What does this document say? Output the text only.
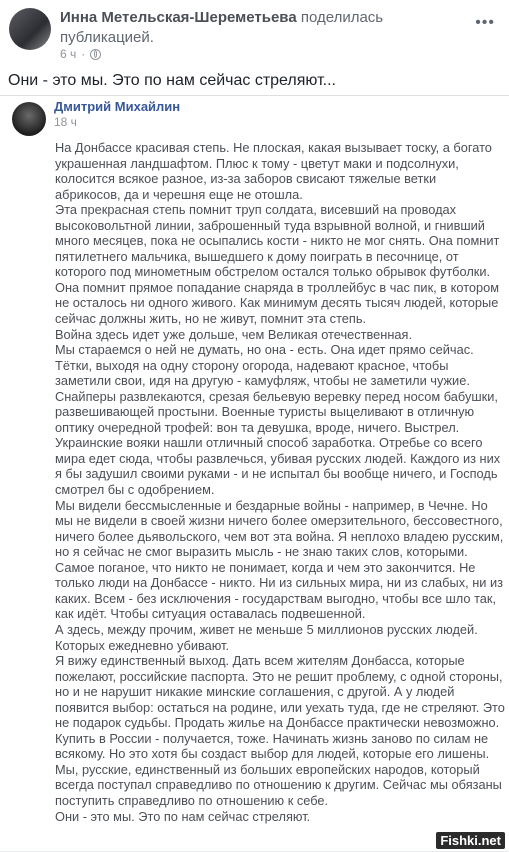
Инна Метельская-Шереметьева поделилась публикацией.
6 ч ·
•••
Они - это мы. Это по нам сейчас стреляют...
Дмитрий Михайлин
18 ч

На Донбассе красивая степь. Не плоская, какая вызывает тоску, а богато украшенная ландшафтом. Плюс к тому - цветут маки и подсолнухи, колосится всякое разное, из-за заборов свисают тяжелые ветки абрикосов, да и черешня еще не отошла.

Эта прекрасная степь помнит труп солдата, висевший на проводах высоковольтной линии, заброшенный туда взрывной волной, и гнивший много месяцев, пока не осыпались кости - никто не мог снять. Она помнит пятилетнего мальчика, вышедшего к дому поиграть в песочнице, от которого под минометным обстрелом остался только обрывок футболки. Она помнит прямое попадание снаряда в троллейбус в час пик, в котором не осталось ни одного живого. Как минимум десять тысяч людей, которые сейчас должны жить, но не живут, помнит эта степь.

Война здесь идет уже дольше, чем Великая отечественная.

Мы стараемся о ней не думать, но она - есть. Она идет прямо сейчас. Тётки, выходя на одну сторону огорода, надевают красное, чтобы заметили свои, идя на другую - камуфляж, чтобы не заметили чужие. Снайперы развлекаются, срезая бельевую веревку перед носом бабушки, развешивающей простыни. Военные туристы выцеливают в отличную оптику очередной трофей: вон та девушка, вроде, ничего. Выстрел. Украинские вояки нашли отличный способ заработка. Отребье со всего мира едет сюда, чтобы развлечься, убивая русских людей. Каждого из них я бы задушил своими руками - и не испытал бы вообще ничего, и Господь смотрел бы с одобрением.

Мы видели бессмысленные и бездарные войны - например, в Чечне. Но мы не видели в своей жизни ничего более омерзительного, бессовестного, ничего более дьявольского, чем вот эта война. Я неплохо владею русским, но я сейчас не смог выразить мысль - не знаю таких слов, которыми.

Самое поганое, что никто не понимает, когда и чем это закончится. Не только люди на Донбассе - никто. Ни из сильных мира, ни из слабых, ни из каких. Всем - без исключения - государствам выгодно, чтобы все шло так, как идёт. Чтобы ситуация оставалась подвешенной.

А здесь, между прочим, живет не меньше 5 миллионов русских людей. Которых ежедневно убивают.

Я вижу единственный выход. Дать всем жителям Донбасса, которые пожелают, российские паспорта. Это не решит проблему, с одной стороны, но и не нарушит никакие минские соглашения, с другой. А у людей появится выбор: остаться на родине, или уехать туда, где не стреляют. Это не подарок судьбы. Продать жилье на Донбассе практически невозможно. Купить в России - получается, тоже. Начинать жизнь заново по силам не всякому. Но это хотя бы создаст выбор для людей, которые его лишены.

Мы, русские, единственный из больших европейских народов, который всегда поступал справедливо по отношению к другим. Сейчас мы обязаны поступить справедливо по отношению к себе.

Они - это мы. Это по нам сейчас стреляют.

Fishki.net
